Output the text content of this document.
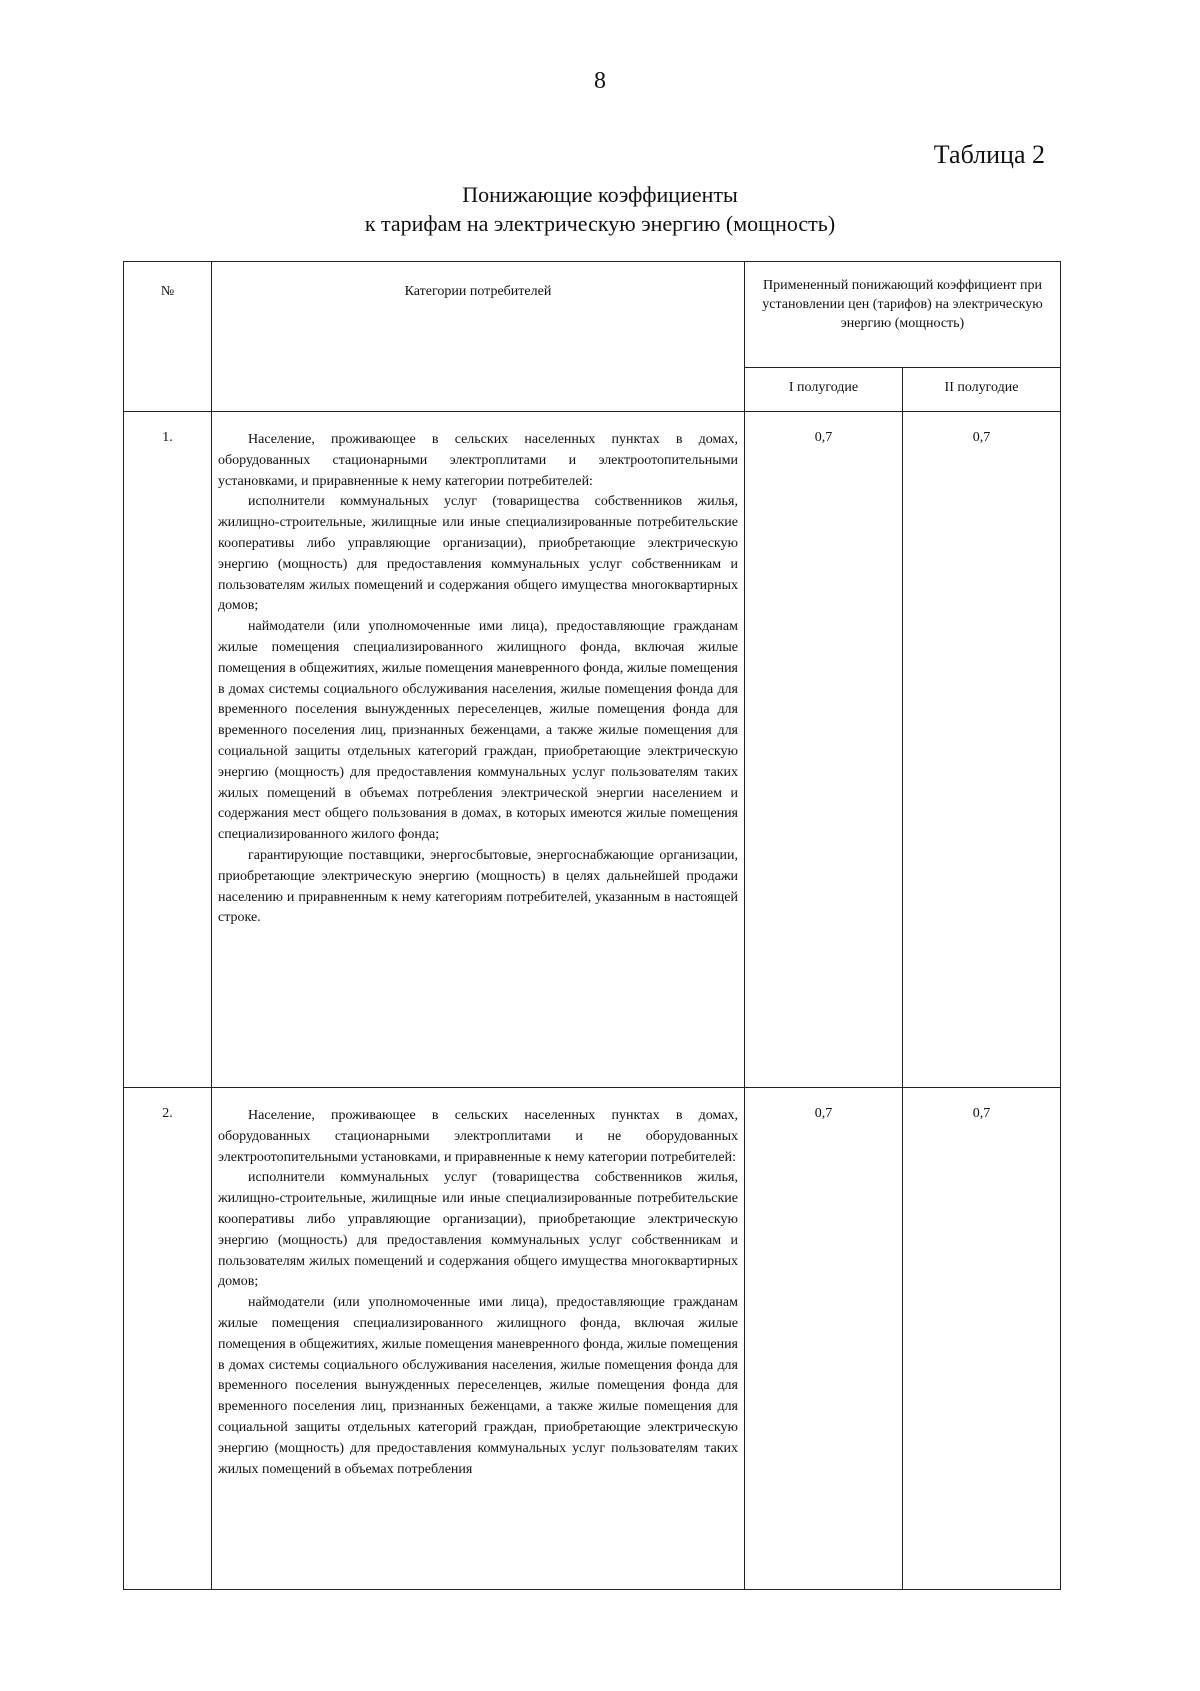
8
Таблица 2
Понижающие коэффициенты
к тарифам на электрическую энергию (мощность)
№	Категории потребителей	Примененный понижающий коэффициент при установлении цен (тарифов) на электрическую энергию (мощность)	
		I полугодие	II полугодие
1.	Население, проживающее в сельских населенных пунктах в домах, оборудованных стационарными электроплитами и электроотопительными установками, и приравненные к нему категории потребителей:

исполнители коммунальных услуг (товарищества собственников жилья, жилищно-строительные, жилищные или иные специализированные потребительские кооперативы либо управляющие организации), приобретающие электрическую энергию (мощность) для предоставления коммунальных услуг собственникам и пользователям жилых помещений и содержания общего имущества многоквартирных домов;

наймодатели (или уполномоченные ими лица), предоставляющие гражданам жилые помещения специализированного жилищного фонда, включая жилые помещения в общежитиях, жилые помещения маневренного фонда, жилые помещения в домах системы социального обслуживания населения, жилые помещения фонда для временного поселения вынужденных переселенцев, жилые помещения фонда для временного поселения лиц, признанных беженцами, а также жилые помещения для социальной защиты отдельных категорий граждан, приобретающие электрическую энергию (мощность) для предоставления коммунальных услуг пользователям таких жилых помещений в объемах потребления электрической энергии населением и содержания мест общего пользования в домах, в которых имеются жилые помещения специализированного жилого фонда;

гарантирующие поставщики, энергосбытовые, энергоснабжающие организации, приобретающие электрическую энергию (мощность) в целях дальнейшей продажи населению и приравненным к нему категориям потребителей, указанным в настоящей строке.	0,7	0,7
2.	Население, проживающее в сельских населенных пунктах в домах, оборудованных стационарными электроплитами и не оборудованных электроотопительными установками, и приравненные к нему категории потребителей:

исполнители коммунальных услуг (товарищества собственников жилья, жилищно-строительные, жилищные или иные специализированные потребительские кооперативы либо управляющие организации), приобретающие электрическую энергию (мощность) для предоставления коммунальных услуг собственникам и пользователям жилых помещений и содержания общего имущества многоквартирных домов;

наймодатели (или уполномоченные ими лица), предоставляющие гражданам жилые помещения специализированного жилищного фонда, включая жилые помещения в общежитиях, жилые помещения маневренного фонда, жилые помещения в домах системы социального обслуживания населения, жилые помещения фонда для временного поселения вынужденных переселенцев, жилые помещения фонда для временного поселения лиц, признанных беженцами, а также жилые помещения для социальной защиты отдельных категорий граждан, приобретающие электрическую энергию (мощность) для предоставления коммунальных услуг пользователям таких жилых помещений в объемах потребления	0,7	0,7
